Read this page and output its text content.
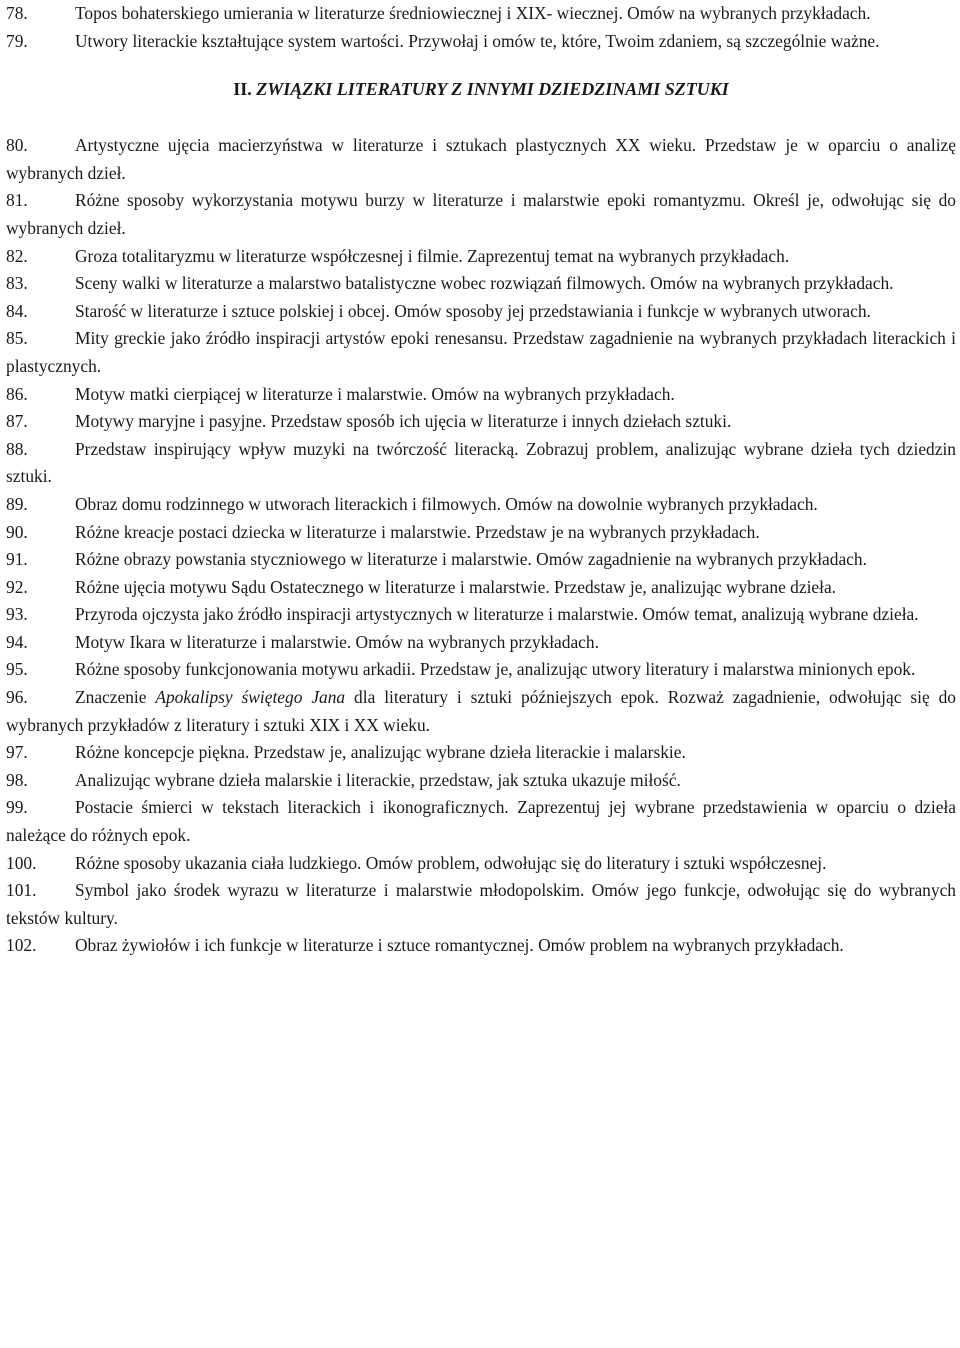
78.	Topos bohaterskiego umierania w literaturze średniowiecznej i XIX- wiecznej. Omów na wybranych przykładach.

79.	Utwory literackie kształtujące system wartości. Przywołaj i omów te, które, Twoim zdaniem, są szczególnie ważne.

II. ZWIĄZKI LITERATURY Z INNYMI DZIEDZINAMI SZTUKI

80.	Artystyczne ujęcia macierzyństwa w literaturze i sztukach plastycznych XX wieku. Przedstaw je w oparciu o analizę wybranych dzieł.

81.	Różne sposoby wykorzystania motywu burzy w literaturze i malarstwie epoki romantyzmu. Określ je, odwołując się do wybranych dzieł.

82.	Groza totalitaryzmu w literaturze współczesnej i filmie. Zaprezentuj temat na wybranych przykładach.

83.	Sceny walki w literaturze a malarstwo batalistyczne wobec rozwiązań filmowych. Omów na wybranych przykładach.

84.	Starość w literaturze i sztuce polskiej i obcej. Omów sposoby jej przedstawiania i funkcje w wybranych utworach.

85.	Mity greckie jako źródło inspiracji artystów epoki renesansu. Przedstaw zagadnienie na wybranych przykładach literackich i plastycznych.

86.	Motyw matki cierpiącej w literaturze i malarstwie. Omów na wybranych przykładach.

87.	Motywy maryjne i pasyjne. Przedstaw sposób ich ujęcia w literaturze i innych dziełach sztuki.

88.	Przedstaw inspirujący wpływ muzyki na twórczość literacką. Zobrazuj problem, analizując wybrane dzieła tych dziedzin sztuki.

89.	Obraz domu rodzinnego w utworach literackich i filmowych. Omów na dowolnie wybranych przykładach.

90.	Różne kreacje postaci dziecka w literaturze i malarstwie. Przedstaw je na wybranych przykładach.

91.	Różne obrazy powstania styczniowego w literaturze i malarstwie. Omów zagadnienie na wybranych przykładach.

92.	Różne ujęcia motywu Sądu Ostatecznego w literaturze i malarstwie. Przedstaw je, analizując wybrane dzieła.

93.	Przyroda ojczysta jako źródło inspiracji artystycznych w literaturze i malarstwie. Omów temat, analizują wybrane dzieła.

94.	Motyw Ikara w literaturze i malarstwie. Omów na wybranych przykładach.

95.	Różne sposoby funkcjonowania motywu arkadii. Przedstaw je, analizując utwory literatury i malarstwa minionych epok.

96.	Znaczenie Apokalipsy świętego Jana dla literatury i sztuki późniejszych epok. Rozważ zagadnienie, odwołując się do wybranych przykładów z literatury i sztuki XIX i XX wieku.

97.	Różne koncepcje piękna. Przedstaw je, analizując wybrane dzieła literackie i malarskie.

98.	Analizując wybrane dzieła malarskie i literackie, przedstaw, jak sztuka ukazuje miłość.

99.	Postacie śmierci w tekstach literackich i ikonograficznych. Zaprezentuj jej wybrane przedstawienia w oparciu o dzieła należące do różnych epok.

100. Różne sposoby ukazania ciała ludzkiego. Omów problem, odwołując się do literatury i sztuki współczesnej.

101. Symbol jako środek wyrazu w literaturze i malarstwie młodopolskim. Omów jego funkcje, odwołując się do wybranych tekstów kultury.

102. Obraz żywiołów i ich funkcje w literaturze i sztuce romantycznej. Omów problem na wybranych przykładach.
